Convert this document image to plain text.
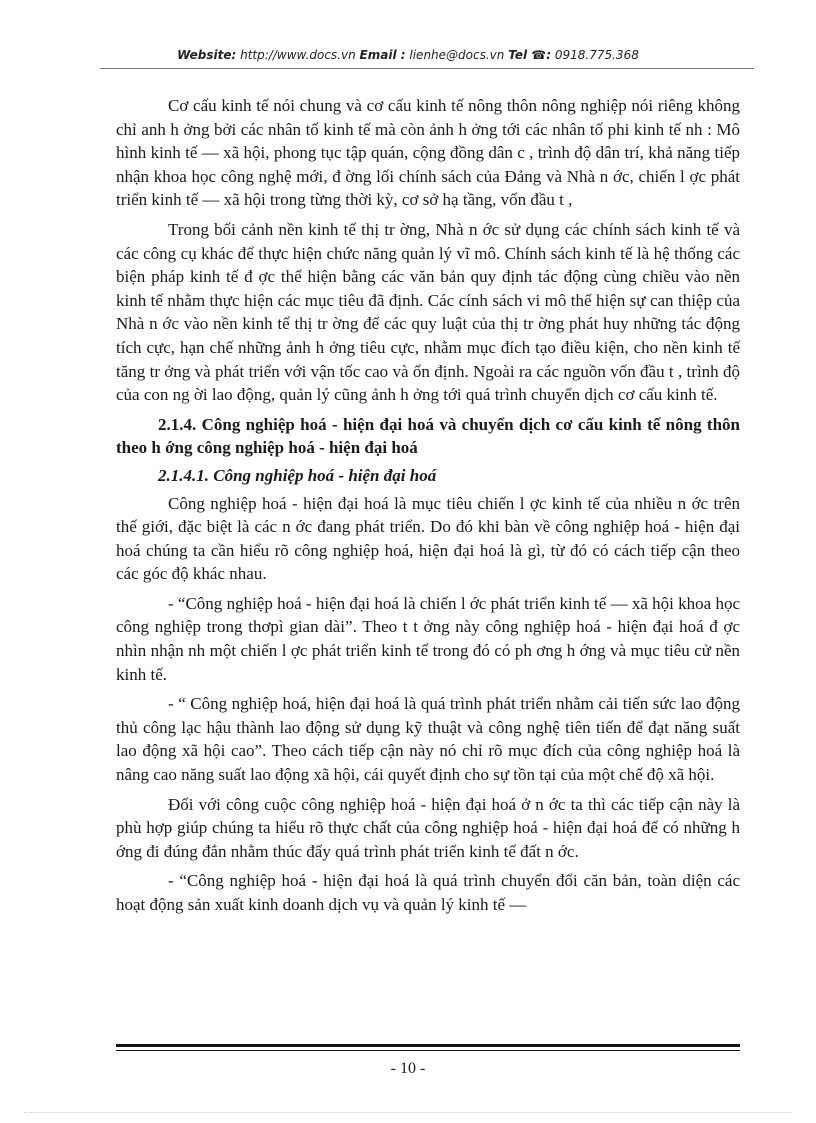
Website: http://www.docs.vn Email : lienhe@docs.vn Tel ☎: 0918.775.368

Cơ cấu kinh tế nói chung và cơ cấu kinh tế nông thôn nông nghiệp nói riêng không chỉ anh h ởng bởi các nhân tố kinh tế mà còn ảnh h ởng tới các nhân tố phi kinh tế nh : Mô hình kinh tế — xã hội, phong tục tập quán, cộng đồng dân c , trình độ dân trí, khả năng tiếp nhận khoa học công nghệ mới, đ ờng lối chính sách của Đảng và Nhà n ớc, chiến l ợc phát triển kinh tế — xã hội trong từng thời kỳ, cơ sở hạ tầng, vốn đầu t ,

Trong bối cảnh nền kinh tế thị tr ờng, Nhà n ớc sử dụng các chính sách kinh tế và các công cụ khác để thực hiện chức năng quản lý vĩ mô. Chính sách kinh tế là hệ thống các biện pháp kinh tế đ ợc thể hiện bằng các văn bản quy định tác động cùng chiều vào nền kinh tế nhằm thực hiện các mục tiêu đã định. Các cính sách vi mô thể hiện sự can thiệp của Nhà n ớc vào nền kinh tế thị tr ờng để các quy luật của thị tr ờng phát huy những tác động tích cực, hạn chế những ảnh h ởng tiêu cực, nhằm mục đích tạo điều kiện, cho nền kinh tế tăng tr ởng và phát triển với vận tốc cao và ổn định. Ngoài ra các nguồn vốn đầu t , trình độ của con ng ời lao động, quản lý cũng ảnh h ởng tới quá trình chuyển dịch cơ cấu kinh tế.

2.1.4. Công nghiệp hoá - hiện đại hoá và chuyển dịch cơ cấu kinh tế nông thôn theo h ớng công nghiệp hoá - hiện đại hoá
2.1.4.1. Công nghiệp hoá - hiện đại hoá

Công nghiệp hoá - hiện đại hoá là mục tiêu chiến l ợc kinh tế của nhiều n ớc trên thế giới, đặc biệt là các n ớc đang phát triển. Do đó khi bàn về công nghiệp hoá - hiện đại hoá chúng ta cần hiểu rõ công nghiệp hoá, hiện đại hoá là gì, từ đó có cách tiếp cận theo các góc độ khác nhau.

- “Công nghiệp hoá - hiện đại hoá là chiến l ớc phát triển kinh tế — xã hội khoa học công nghiệp trong thơpì gian dài”. Theo t t ởng này công nghiệp hoá - hiện đại hoá đ ợc nhìn nhận nh một chiến l ợc phát triển kinh tế trong đó có ph ơng h ớng và mục tiêu cử nền kinh tế.

- “ Công nghiệp hoá, hiện đại hoá là quá trình phát triển nhằm cải tiến sức lao động thủ công lạc hậu thành lao động sử dụng kỹ thuật và công nghệ tiên tiến để đạt năng suất lao động xã hội cao”. Theo cách tiếp cận này nó chỉ rõ mục đích của công nghiệp hoá là nâng cao năng suất lao động xã hội, cái quyết định cho sự tồn tại của một chế độ xã hội.

Đối với công cuộc công nghiệp hoá - hiện đại hoá ở n ớc ta thì các tiếp cận này là phù hợp giúp chúng ta hiểu rõ thực chất của công nghiệp hoá - hiện đại hoá để có những h ớng đi đúng đắn nhằm thúc đẩy quá trình phát triển kinh tế đất n ớc.

- “Công nghiệp hoá - hiện đại hoá là quá trình chuyển đổi căn bản, toàn diện các hoạt động sản xuất kinh doanh dịch vụ và quản lý kinh tế —

- 10 -
